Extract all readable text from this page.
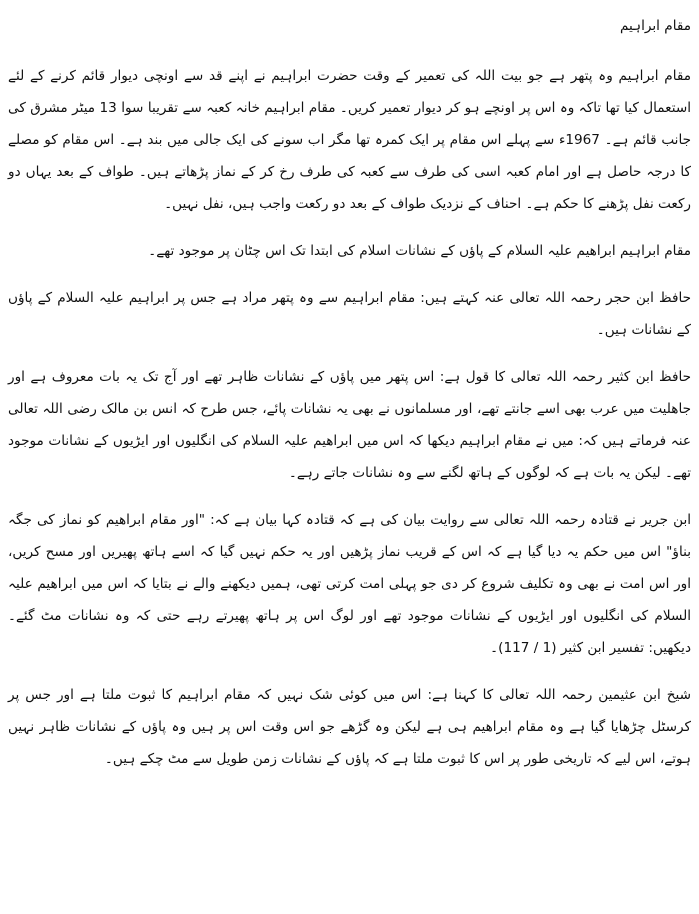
مقام ابراہیم

مقام ابراہیم وہ پتھر ہے جو بیت اللہ کی تعمیر کے وقت حضرت ابراہیم نے اپنے قد سے اونچی دیوار قائم کرنے کے لئے استعمال کیا تھا تاکہ وہ اس پر اونچے ہو کر دیوار تعمیر کریں۔ مقام ابراہیم خانہ کعبہ سے تقریبا سوا 13 میٹر مشرق کی جانب قائم ہے۔ 1967ء سے پہلے اس مقام پر ایک کمرہ تھا مگر اب سونے کی ایک جالی میں بند ہے۔ اس مقام کو مصلے کا درجہ حاصل ہے اور امام کعبہ اسی کی طرف سے کعبہ کی طرف رخ کر کے نماز پڑھاتے ہیں۔ طواف کے بعد یہاں دو رکعت نفل پڑھنے کا حکم ہے۔ احناف کے نزدیک طواف کے بعد دو رکعت واجب ہیں، نفل نہیں۔

مقام ابراہیم ابراھیم علیہ السلام کے پاؤں کے نشانات اسلام کی ابتدا تک اس چٹان پر موجود تھے۔

حافظ ابن حجر رحمہ اللہ تعالی عنہ کہتے ہیں: مقام ابراہیم سے وہ پتھر مراد ہے جس پر ابراہیم علیہ السلام کے پاؤں کے نشانات ہیں۔

حافظ ابن کثیر رحمہ اللہ تعالی کا قول ہے: اس پتھر میں پاؤں کے نشانات ظاہر تھے اور آج تک یہ بات معروف ہے اور جاھلیت میں عرب بھی اسے جانتے تھے، اور مسلمانوں نے بھی یہ نشانات پائے، جس طرح کہ انس بن مالک رضی اللہ تعالی عنہ فرماتے ہیں کہ: میں نے مقام ابراہیم دیکھا کہ اس میں ابراھیم علیہ السلام کی انگلیوں اور ایڑیوں کے نشانات موجود تھے۔ لیکن یہ بات ہے کہ لوگوں کے ہاتھ لگنے سے وہ نشانات جاتے رہے۔

ابن جریر نے قتادہ رحمہ اللہ تعالی سے روایت بیان کی ہے کہ قتادہ کہا بیان ہے کہ: "اور مقام ابراھیم کو نماز کی جگہ بناؤ" اس میں حکم یہ دیا گیا ہے کہ اس کے قریب نماز پڑھیں اور یہ حکم نہیں گیا کہ اسے ہاتھ پھیریں اور مسح کریں، اور اس امت نے بھی وہ تکلیف شروع کر دی جو پہلی امت کرتی تھی، ہمیں دیکھنے والے نے بتایا کہ اس میں ابراھیم علیہ السلام کی انگلیوں اور ایڑیوں کے نشانات موجود تھے اور لوگ اس پر ہاتھ پھیرتے رہے حتی کہ وہ نشانات مٹ گئے۔ دیکھیں: تفسیر ابن کثیر (1 / 117)۔

شیخ ابن عثیمین رحمہ اللہ تعالی کا کہنا ہے: اس میں کوئی شک نہیں کہ مقام ابراہیم کا ثبوت ملتا ہے اور جس پر کرسٹل چڑھایا گیا ہے وہ مقام ابراھیم ہی ہے لیکن وہ گڑھے جو اس وقت اس پر ہیں وہ پاؤں کے نشانات ظاہر نہیں ہوتے، اس لیے کہ تاریخی طور پر اس کا ثبوت ملتا ہے کہ پاؤں کے نشانات زمن طویل سے مٹ چکے ہیں۔
